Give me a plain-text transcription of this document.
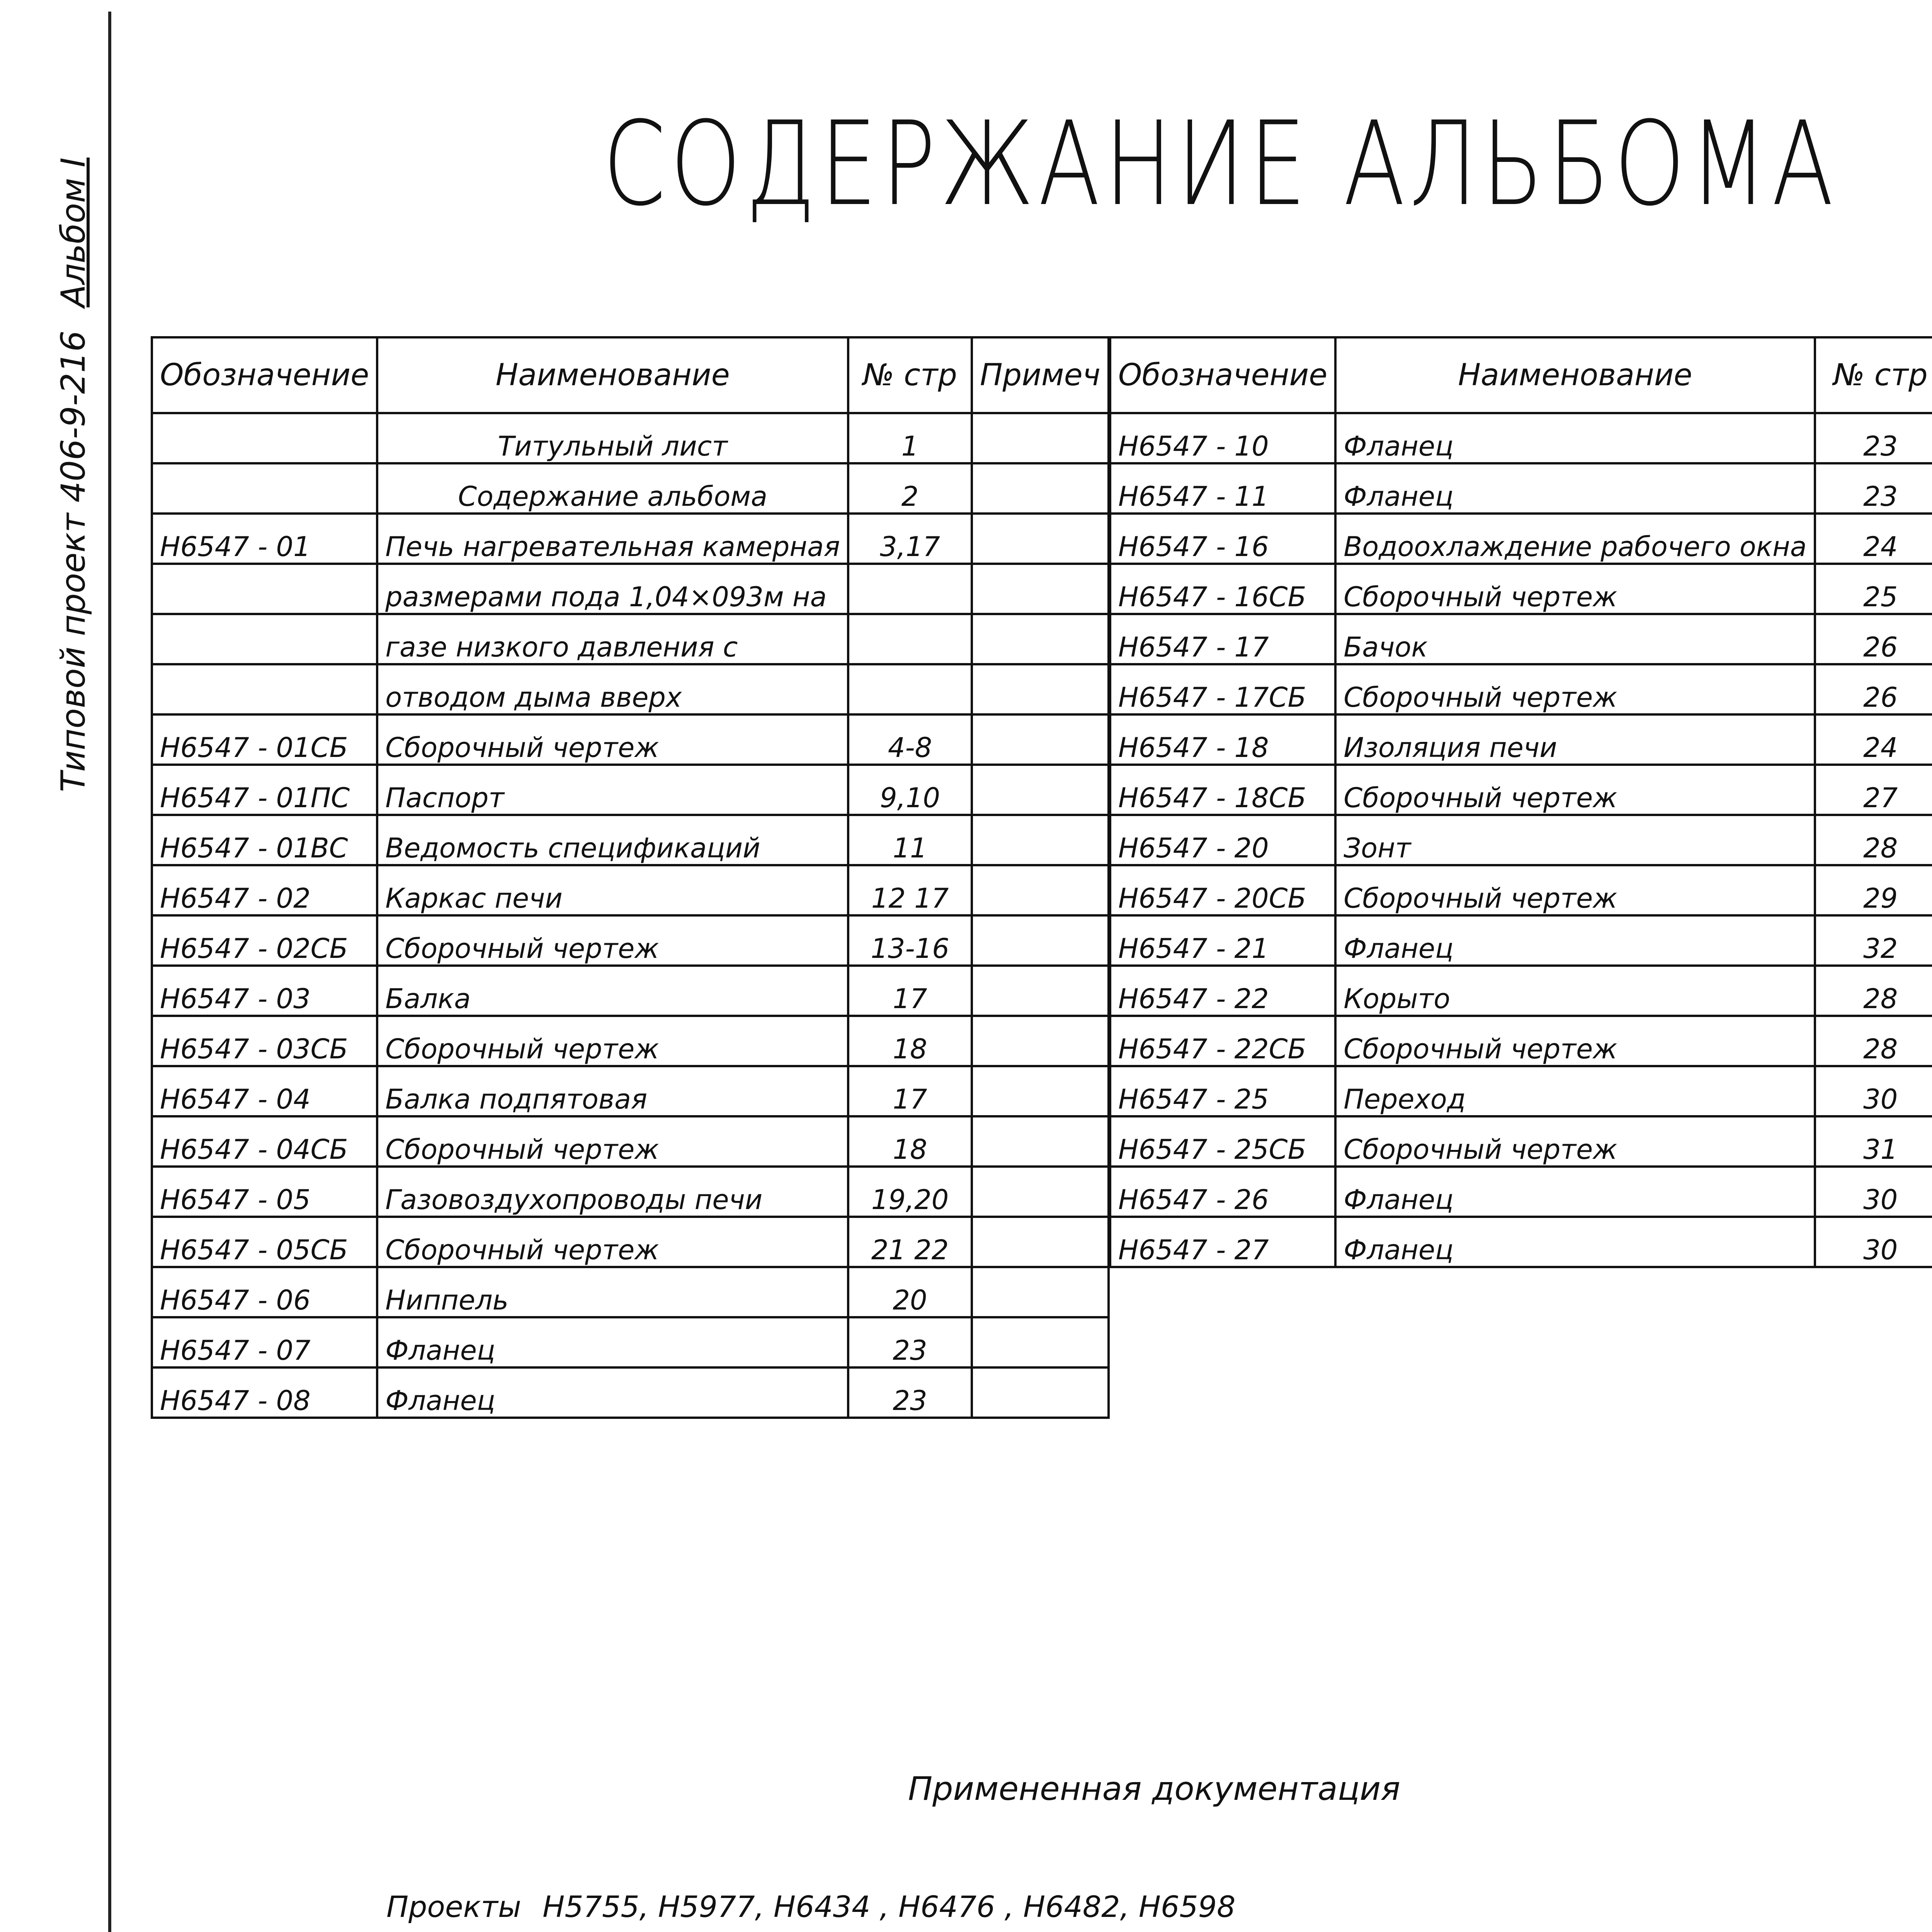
Типовой проект 406-9-216
Альбом I	СОДЕРЖАНИЕ АЛЬБОМА
Обозначение	Наименование	№ стр	Примеч
	Титульный лист	1	
	Содержание альбома	2	
Н6547 - 01	Печь нагревательная камерная	3,17	
	размерами пода 1,04×093м на		
	газе низкого давления с		
	отводом дыма вверх		
Н6547 - 01СБ	Сборочный чертеж	4-8	
Н6547 - 01ПС	Паспорт	9,10	
Н6547 - 01ВС	Ведомость спецификаций	11	
Н6547 - 02	Каркас печи	12 17	
Н6547 - 02СБ	Сборочный чертеж	13-16	
Н6547 - 03	Балка	17	
Н6547 - 03СБ	Сборочный чертеж	18	
Н6547 - 04	Балка подпятовая	17	
Н6547 - 04СБ	Сборочный чертеж	18	
Н6547 - 05	Газовоздухопроводы печи	19,20	
Н6547 - 05СБ	Сборочный чертеж	21 22	
Н6547 - 06	Ниппель	20	
Н6547 - 07	Фланец	23	
Н6547 - 08	Фланец	23	
Обозначение	Наименование	№ стр	
Н6547 - 10	Фланец	23	
Н6547 - 11	Фланец	23	
Н6547 - 16	Водоохлаждение рабочего окна	24	
Н6547 - 16СБ	Сборочный чертеж	25	
Н6547 - 17	Бачок	26	
Н6547 - 17СБ	Сборочный чертеж	26	
Н6547 - 18	Изоляция печи	24	
Н6547 - 18СБ	Сборочный чертеж	27	
Н6547 - 20	Зонт	28	
Н6547 - 20СБ	Сборочный чертеж	29	
Н6547 - 21	Фланец	32	
Н6547 - 22	Корыто	28	
Н6547 - 22СБ	Сборочный чертеж	28	
Н6547 - 25	Переход	30	
Н6547 - 25СБ	Сборочный чертеж	31	
Н6547 - 26	Фланец	30	
Н6547 - 27	Фланец	30	
Примененная документация
Проекты Н5755, Н5977, Н6434 , Н6476 , Н6482, Н6598
